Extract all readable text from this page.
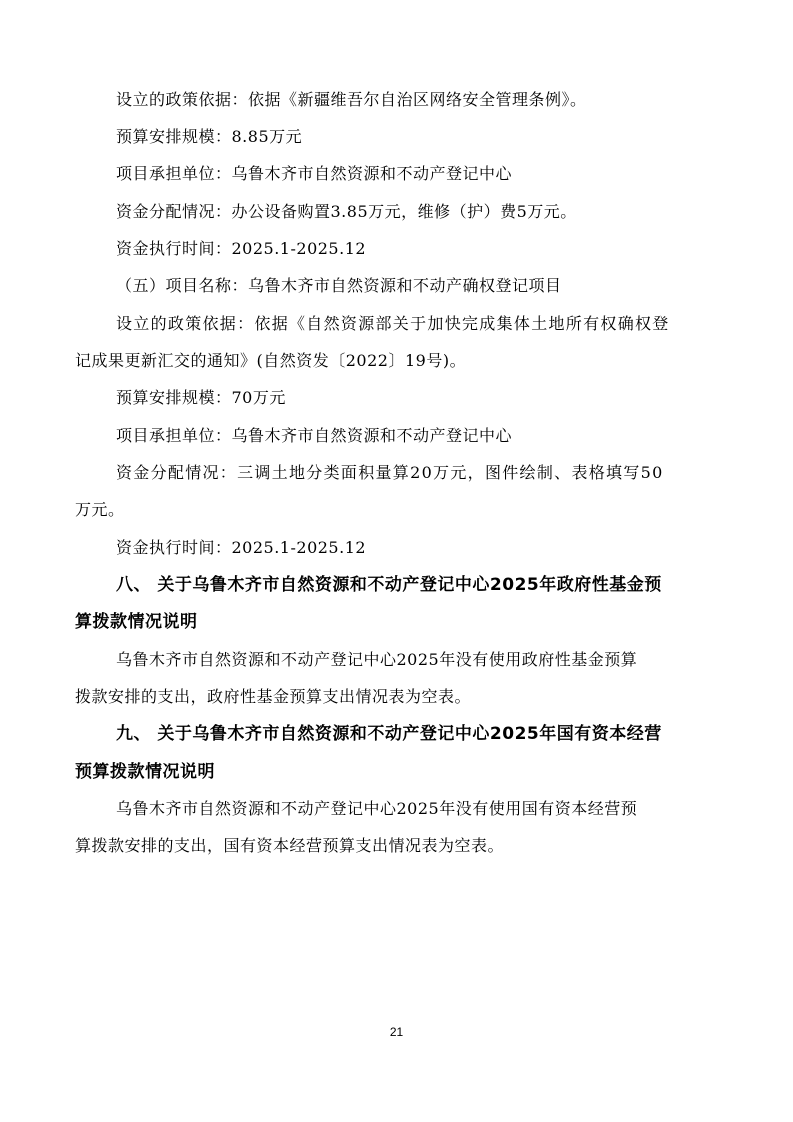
设立的政策依据：依据《新疆维吾尔自治区网络安全管理条例》。
预算安排规模：8.85万元
项目承担单位：乌鲁木齐市自然资源和不动产登记中心
资金分配情况：办公设备购置3.85万元，维修（护）费5万元。
资金执行时间：2025.1-2025.12
（五）项目名称：乌鲁木齐市自然资源和不动产确权登记项目
设立的政策依据：依据《自然资源部关于加快完成集体土地所有权确权登
记成果更新汇交的通知》(自然资发〔2022〕19号)。
预算安排规模：70万元
项目承担单位：乌鲁木齐市自然资源和不动产登记中心
资金分配情况：三调土地分类面积量算20万元，图件绘制、表格填写50
万元。
资金执行时间：2025.1-2025.12
八、 关于乌鲁木齐市自然资源和不动产登记中心2025年政府性基金预
算拨款情况说明
乌鲁木齐市自然资源和不动产登记中心2025年没有使用政府性基金预算
拨款安排的支出，政府性基金预算支出情况表为空表。
九、 关于乌鲁木齐市自然资源和不动产登记中心2025年国有资本经营
预算拨款情况说明
乌鲁木齐市自然资源和不动产登记中心2025年没有使用国有资本经营预
算拨款安排的支出，国有资本经营预算支出情况表为空表。
21
